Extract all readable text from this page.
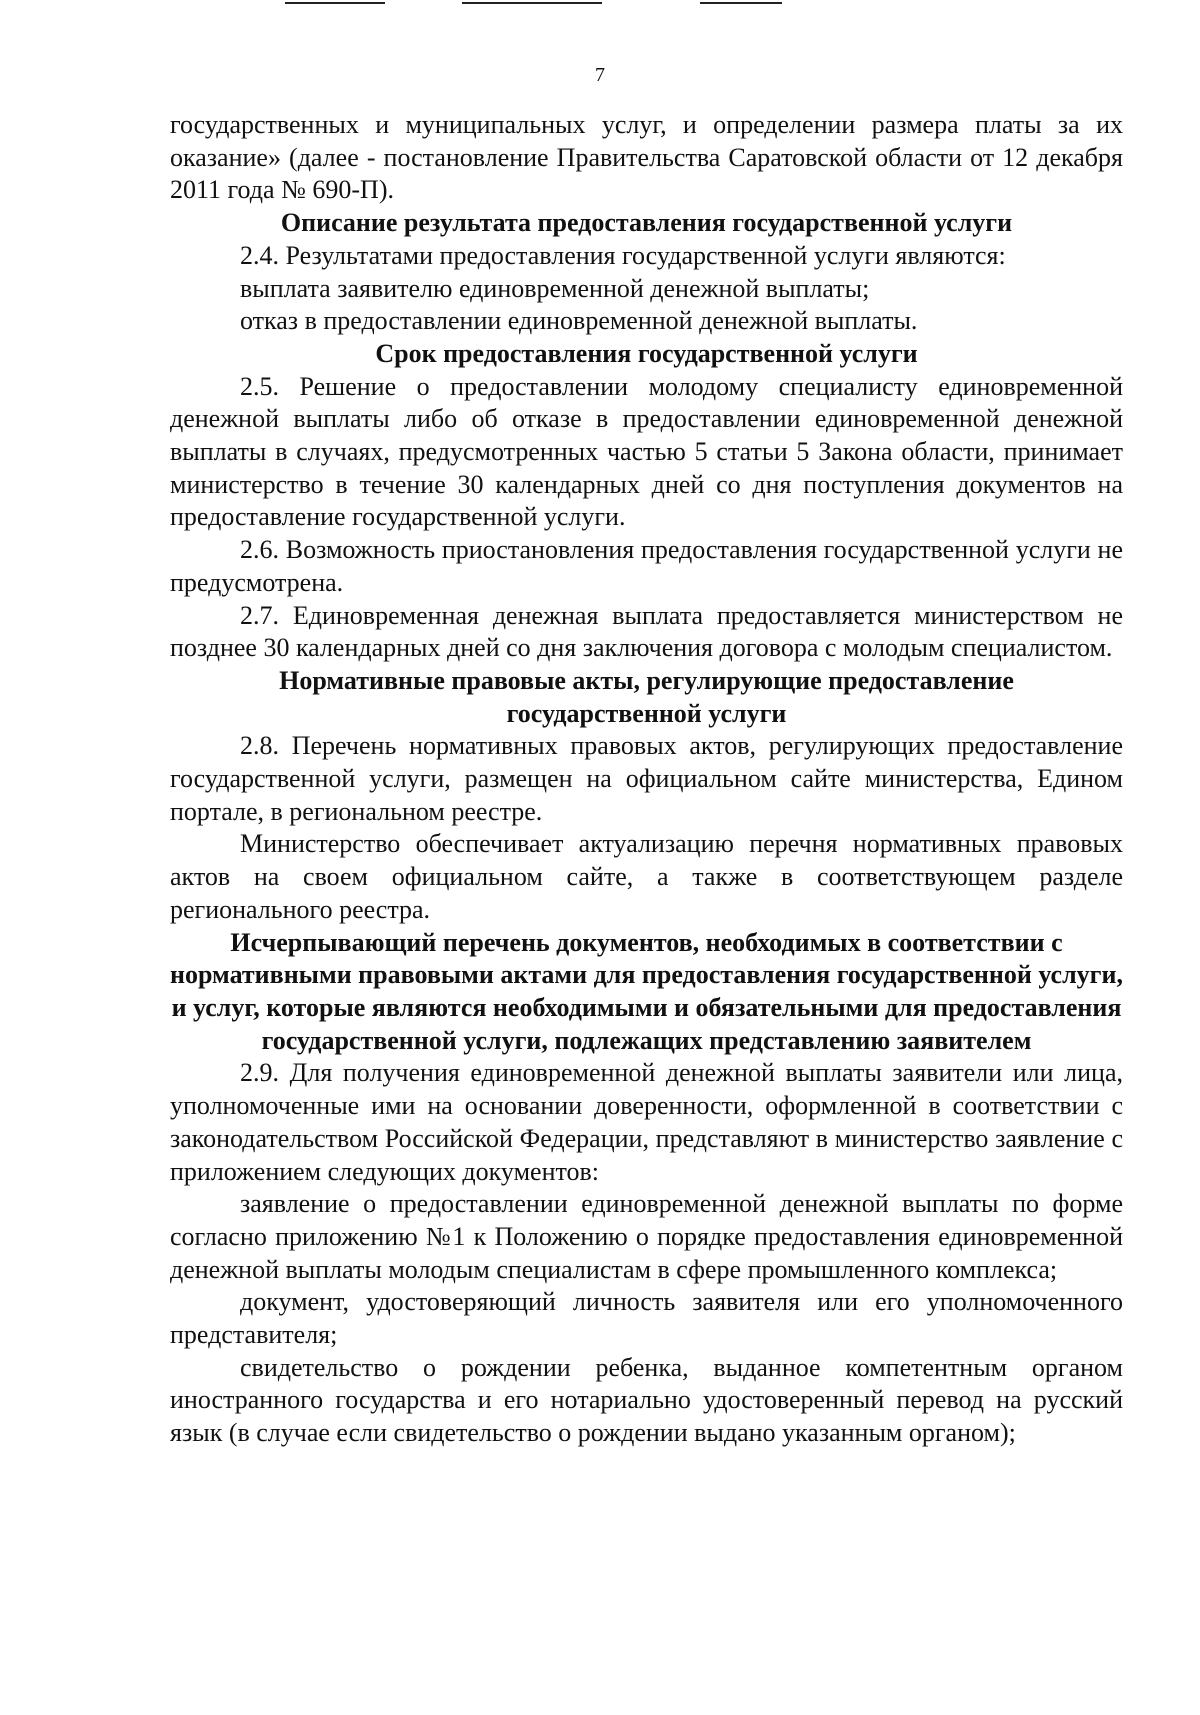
7

государственных и муниципальных услуг, и определении размера платы за их оказание» (далее - постановление Правительства Саратовской области от 12 декабря 2011 года № 690-П).

Описание результата предоставления государственной услуги

2.4. Результатами предоставления государственной услуги являются:

выплата заявителю единовременной денежной выплаты;

отказ в предоставлении единовременной денежной выплаты.

Срок предоставления государственной услуги

2.5. Решение о предоставлении молодому специалисту единовременной денежной выплаты либо об отказе в предоставлении единовременной денежной выплаты в случаях, предусмотренных частью 5 статьи 5 Закона области, принимает министерство в течение 30 календарных дней со дня поступления документов на предоставление государственной услуги.

2.6. Возможность приостановления предоставления государственной услуги не предусмотрена.

2.7. Единовременная денежная выплата предоставляется министерством не позднее 30 календарных дней со дня заключения договора с молодым специалистом.

Нормативные правовые акты, регулирующие предоставление
государственной услуги

2.8. Перечень нормативных правовых актов, регулирующих предоставление государственной услуги, размещен на официальном сайте министерства, Едином портале, в региональном реестре.

Министерство обеспечивает актуализацию перечня нормативных правовых актов на своем официальном сайте, а также в соответствующем разделе регионального реестра.

Исчерпывающий перечень документов, необходимых в соответствии с нормативными правовыми актами для предоставления государственной услуги, и услуг, которые являются необходимыми и обязательными для предоставления государственной услуги, подлежащих представлению заявителем

2.9. Для получения единовременной денежной выплаты заявители или лица, уполномоченные ими на основании доверенности, оформленной в соответствии с законодательством Российской Федерации, представляют в министерство заявление с приложением следующих документов:

заявление о предоставлении единовременной денежной выплаты по форме согласно приложению №1 к Положению о порядке предоставления единовременной денежной выплаты молодым специалистам в сфере промышленного комплекса;

документ, удостоверяющий личность заявителя или его уполномоченного представителя;

свидетельство о рождении ребенка, выданное компетентным органом иностранного государства и его нотариально удостоверенный перевод на русский язык (в случае если свидетельство о рождении выдано указанным органом);
